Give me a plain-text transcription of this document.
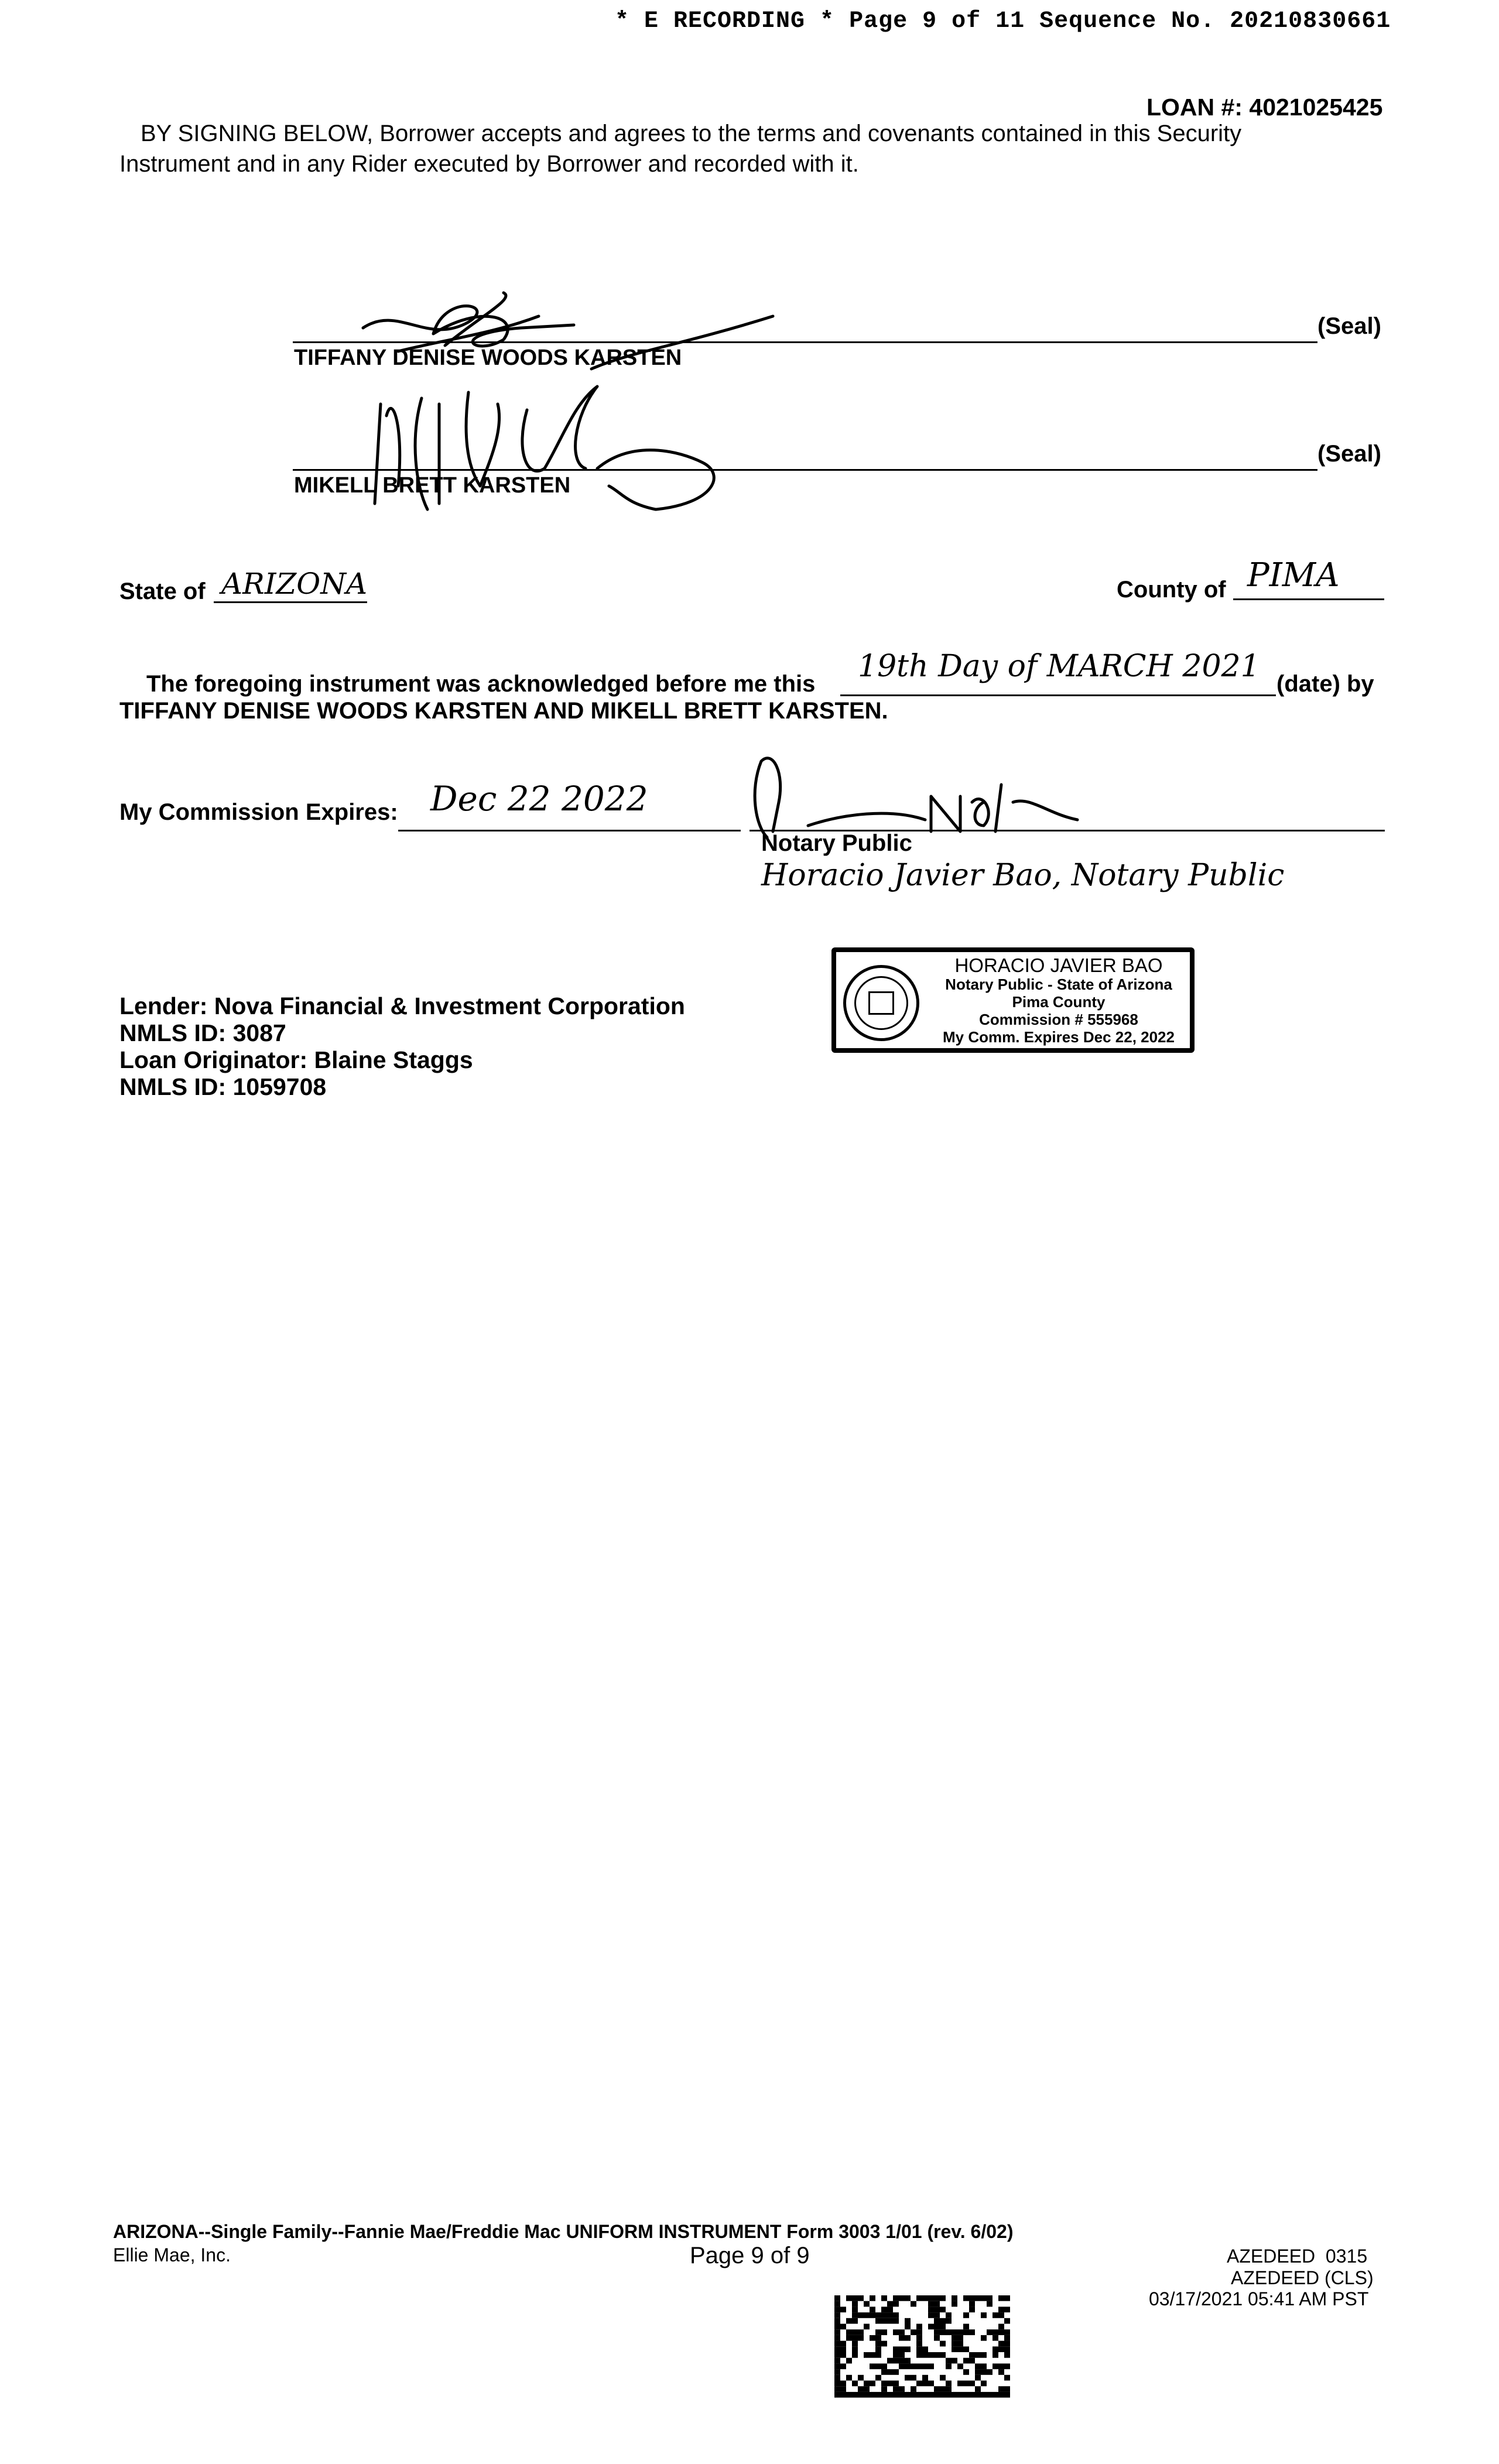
* E RECORDING * Page 9 of 11 Sequence No. 20210830661
LOAN #: 4021025425
BY SIGNING BELOW, Borrower accepts and agrees to the terms and covenants contained in this Security
Instrument and in any Rider executed by Borrower and recorded with it.
(Seal)
TIFFANY DENISE WOODS KARSTEN
(Seal)
MIKELL BRETT KARSTEN
State of ARIZONA	County of PIMA
The foregoing instrument was acknowledged before me this 19th Day of MARCH 2021 (date) by
TIFFANY DENISE WOODS KARSTEN AND MIKELL BRETT KARSTEN.
My Commission Expires: Dec 22 2022
Notary Public
Horacio Javier Bao, Notary Public
HORACIO JAVIER BAO
Notary Public - State of Arizona
Pima County
Commission # 555968
My Comm. Expires Dec 22, 2022
Lender: Nova Financial & Investment Corporation
NMLS ID: 3087
Loan Originator: Blaine Staggs
NMLS ID: 1059708
ARIZONA--Single Family--Fannie Mae/Freddie Mac UNIFORM INSTRUMENT Form 3003 1/01 (rev. 6/02)
Ellie Mae, Inc.	Page 9 of 9	AZEDEED  0315
AZEDEED (CLS)
03/17/2021 05:41 AM PST
